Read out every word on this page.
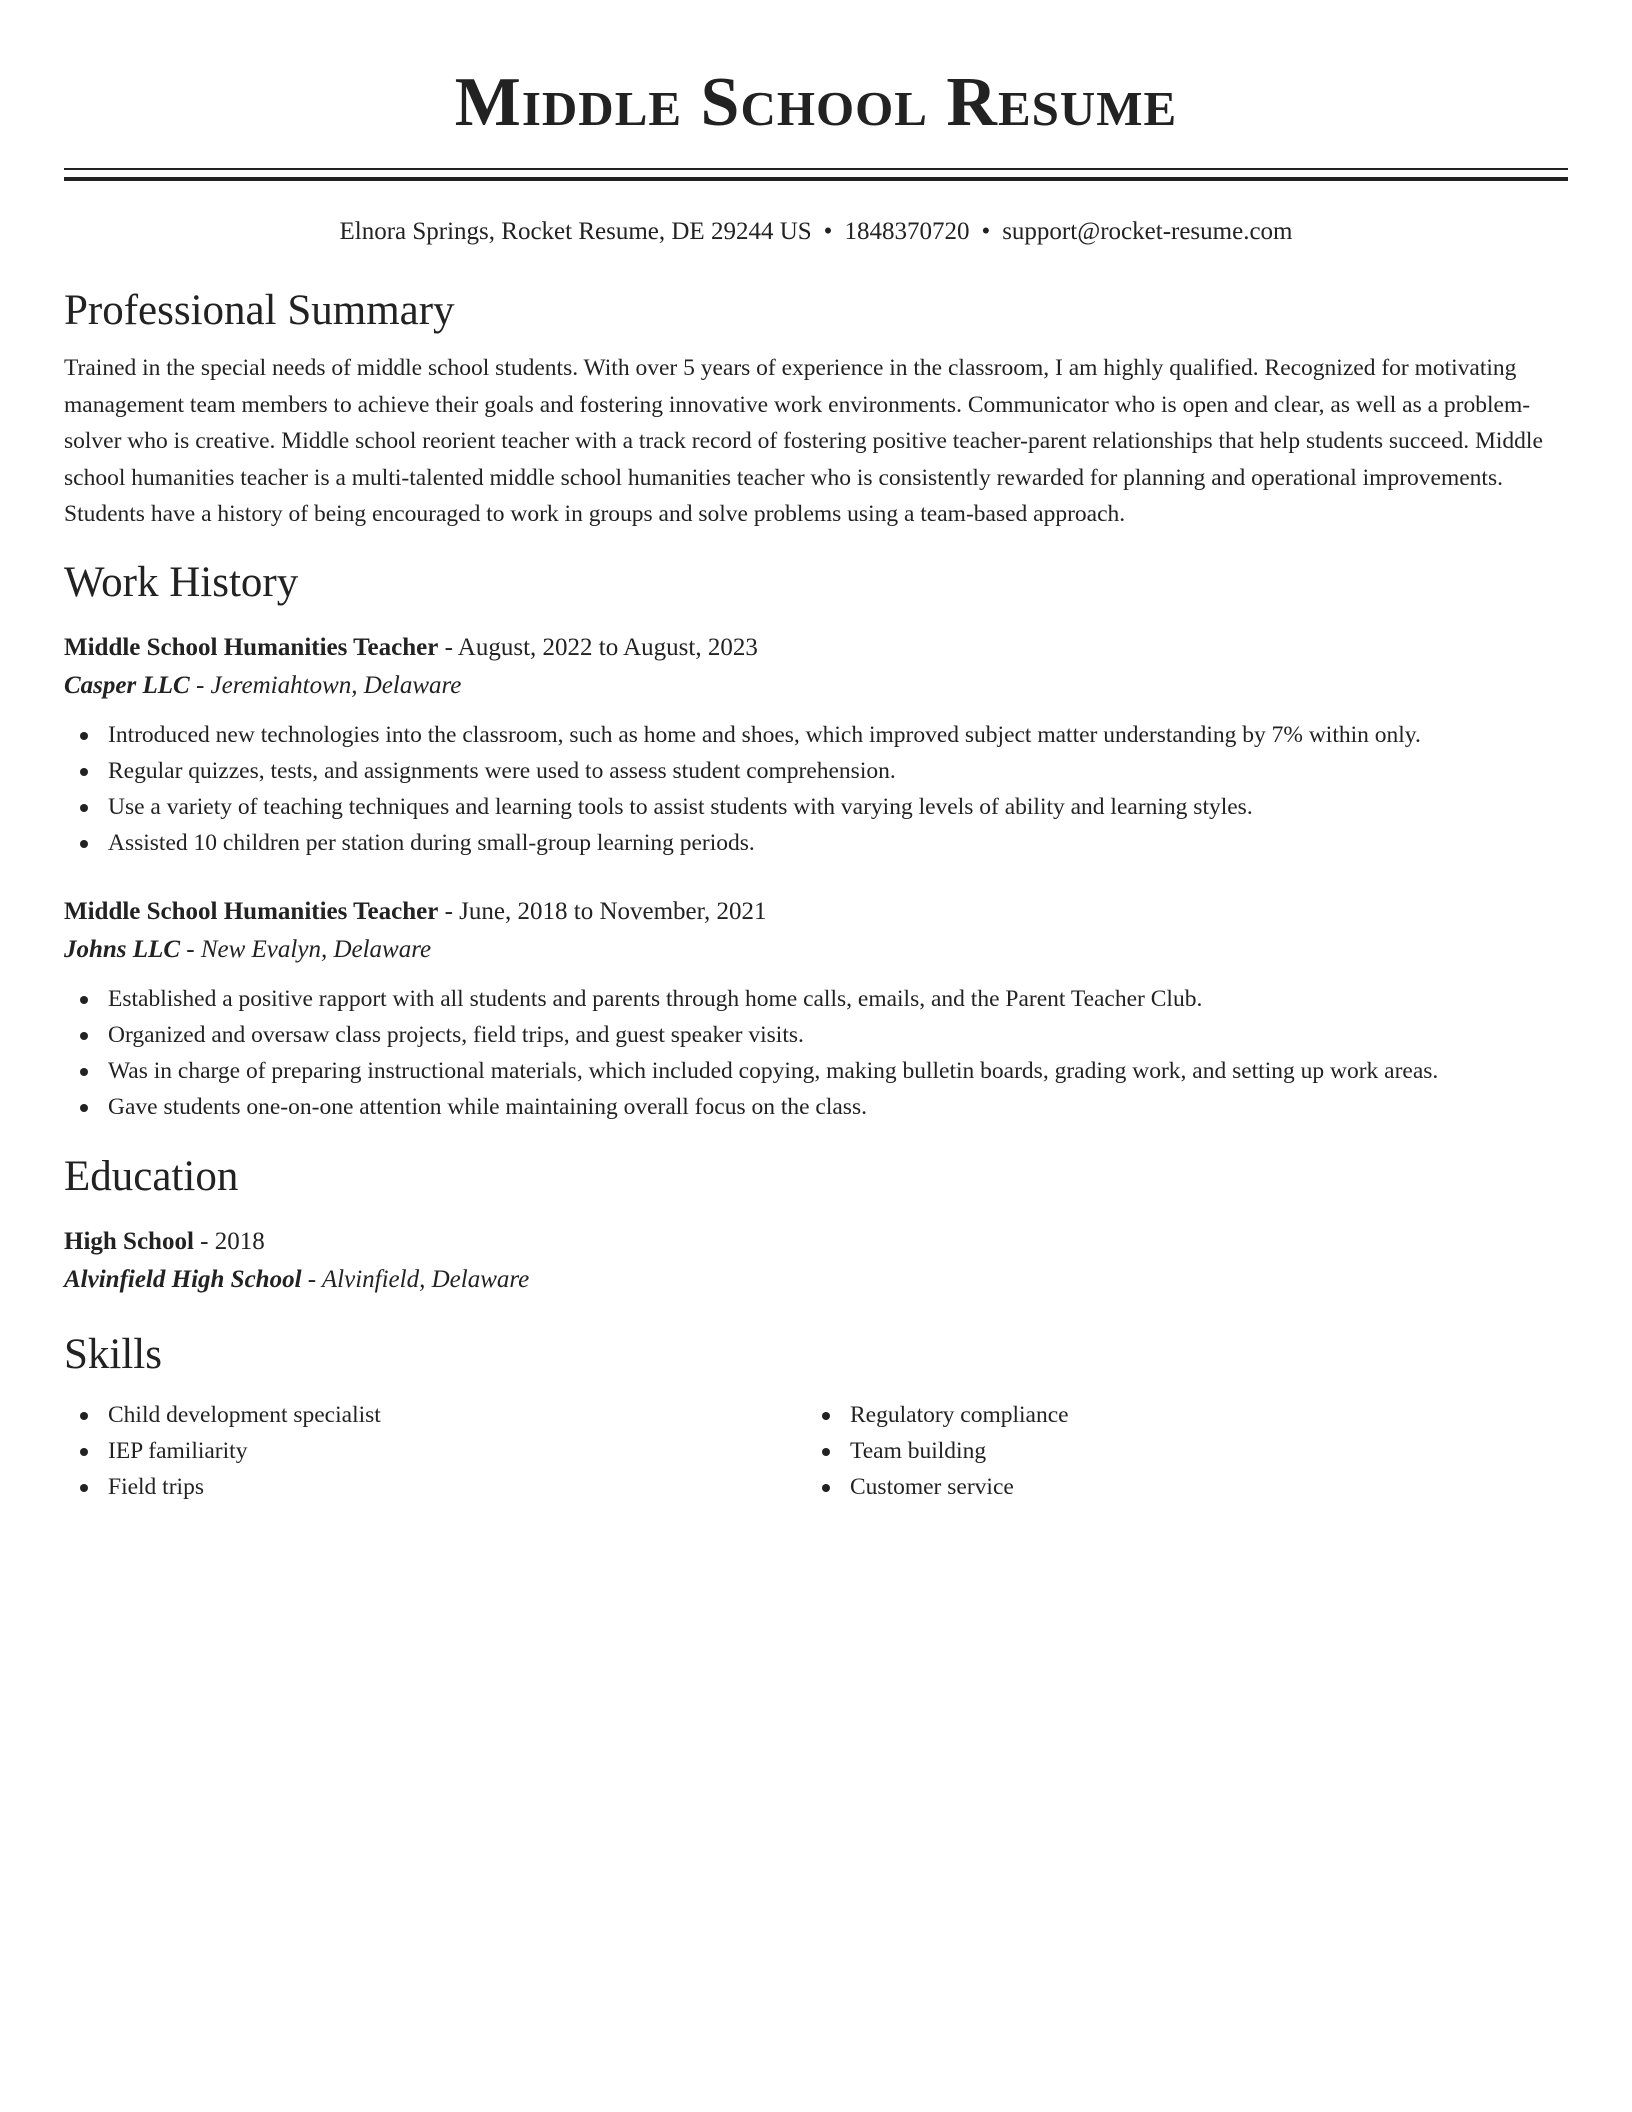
Middle School Resume
Elnora Springs, Rocket Resume, DE 29244 US • 1848370720 • support@rocket-resume.com
Professional Summary
Trained in the special needs of middle school students. With over 5 years of experience in the classroom, I am highly qualified. Recognized for motivating management team members to achieve their goals and fostering innovative work environments. Communicator who is open and clear, as well as a problem-solver who is creative. Middle school reorient teacher with a track record of fostering positive teacher-parent relationships that help students succeed. Middle school humanities teacher is a multi-talented middle school humanities teacher who is consistently rewarded for planning and operational improvements. Students have a history of being encouraged to work in groups and solve problems using a team-based approach.
Work History
Middle School Humanities Teacher - August, 2022 to August, 2023
Casper LLC - Jeremiahtown, Delaware
Introduced new technologies into the classroom, such as home and shoes, which improved subject matter understanding by 7% within only.
Regular quizzes, tests, and assignments were used to assess student comprehension.
Use a variety of teaching techniques and learning tools to assist students with varying levels of ability and learning styles.
Assisted 10 children per station during small-group learning periods.
Middle School Humanities Teacher - June, 2018 to November, 2021
Johns LLC - New Evalyn, Delaware
Established a positive rapport with all students and parents through home calls, emails, and the Parent Teacher Club.
Organized and oversaw class projects, field trips, and guest speaker visits.
Was in charge of preparing instructional materials, which included copying, making bulletin boards, grading work, and setting up work areas.
Gave students one-on-one attention while maintaining overall focus on the class.
Education
High School - 2018
Alvinfield High School - Alvinfield, Delaware
Skills
Child development specialist
IEP familiarity
Field trips
Regulatory compliance
Team building
Customer service
